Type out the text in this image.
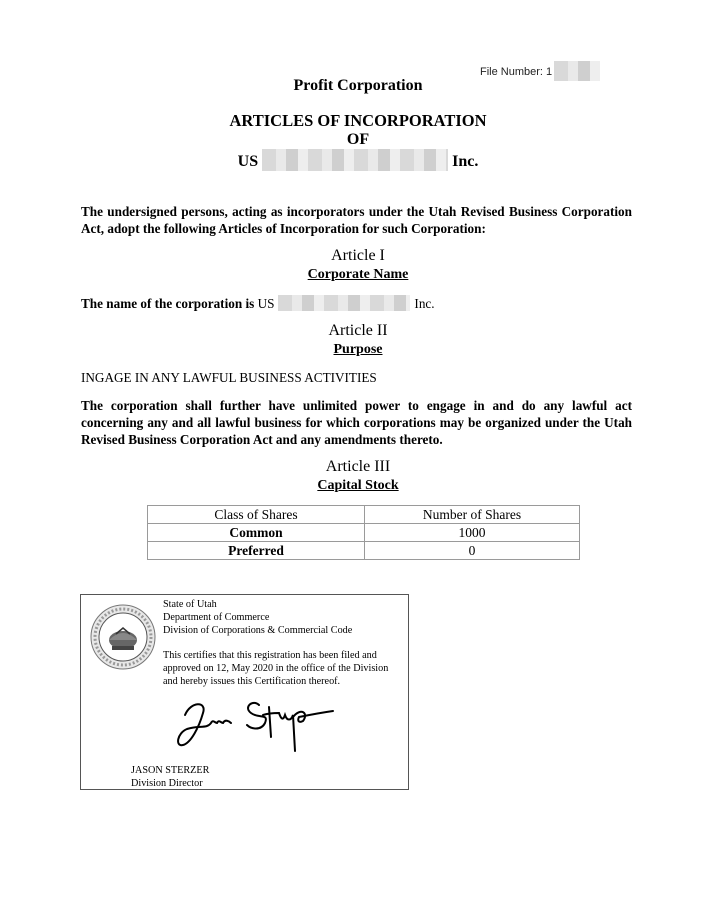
File Number: 1
Profit Corporation
ARTICLES OF INCORPORATION
OF
US	Inc.
The undersigned persons, acting as incorporators under the Utah Revised Business Corporation Act, adopt the following Articles of Incorporation for such Corporation:
Article I
Corporate Name
The name of the corporation is US	Inc.
Article II
Purpose
INGAGE IN ANY LAWFUL BUSINESS ACTIVITIES
The corporation shall further have unlimited power to engage in and do any lawful act concerning any and all lawful business for which corporations may be organized under the Utah Revised Business Corporation Act and any amendments thereto.
Article III
Capital Stock
Class of Shares	Number of Shares
Common	1000
Preferred	0
State of Utah
Department of Commerce
Division of Corporations & Commercial Code
This certifies that this registration has been filed and
approved on 12, May 2020 in the office of the Division
and hereby issues this Certification thereof.
JASON STERZER
Division Director
